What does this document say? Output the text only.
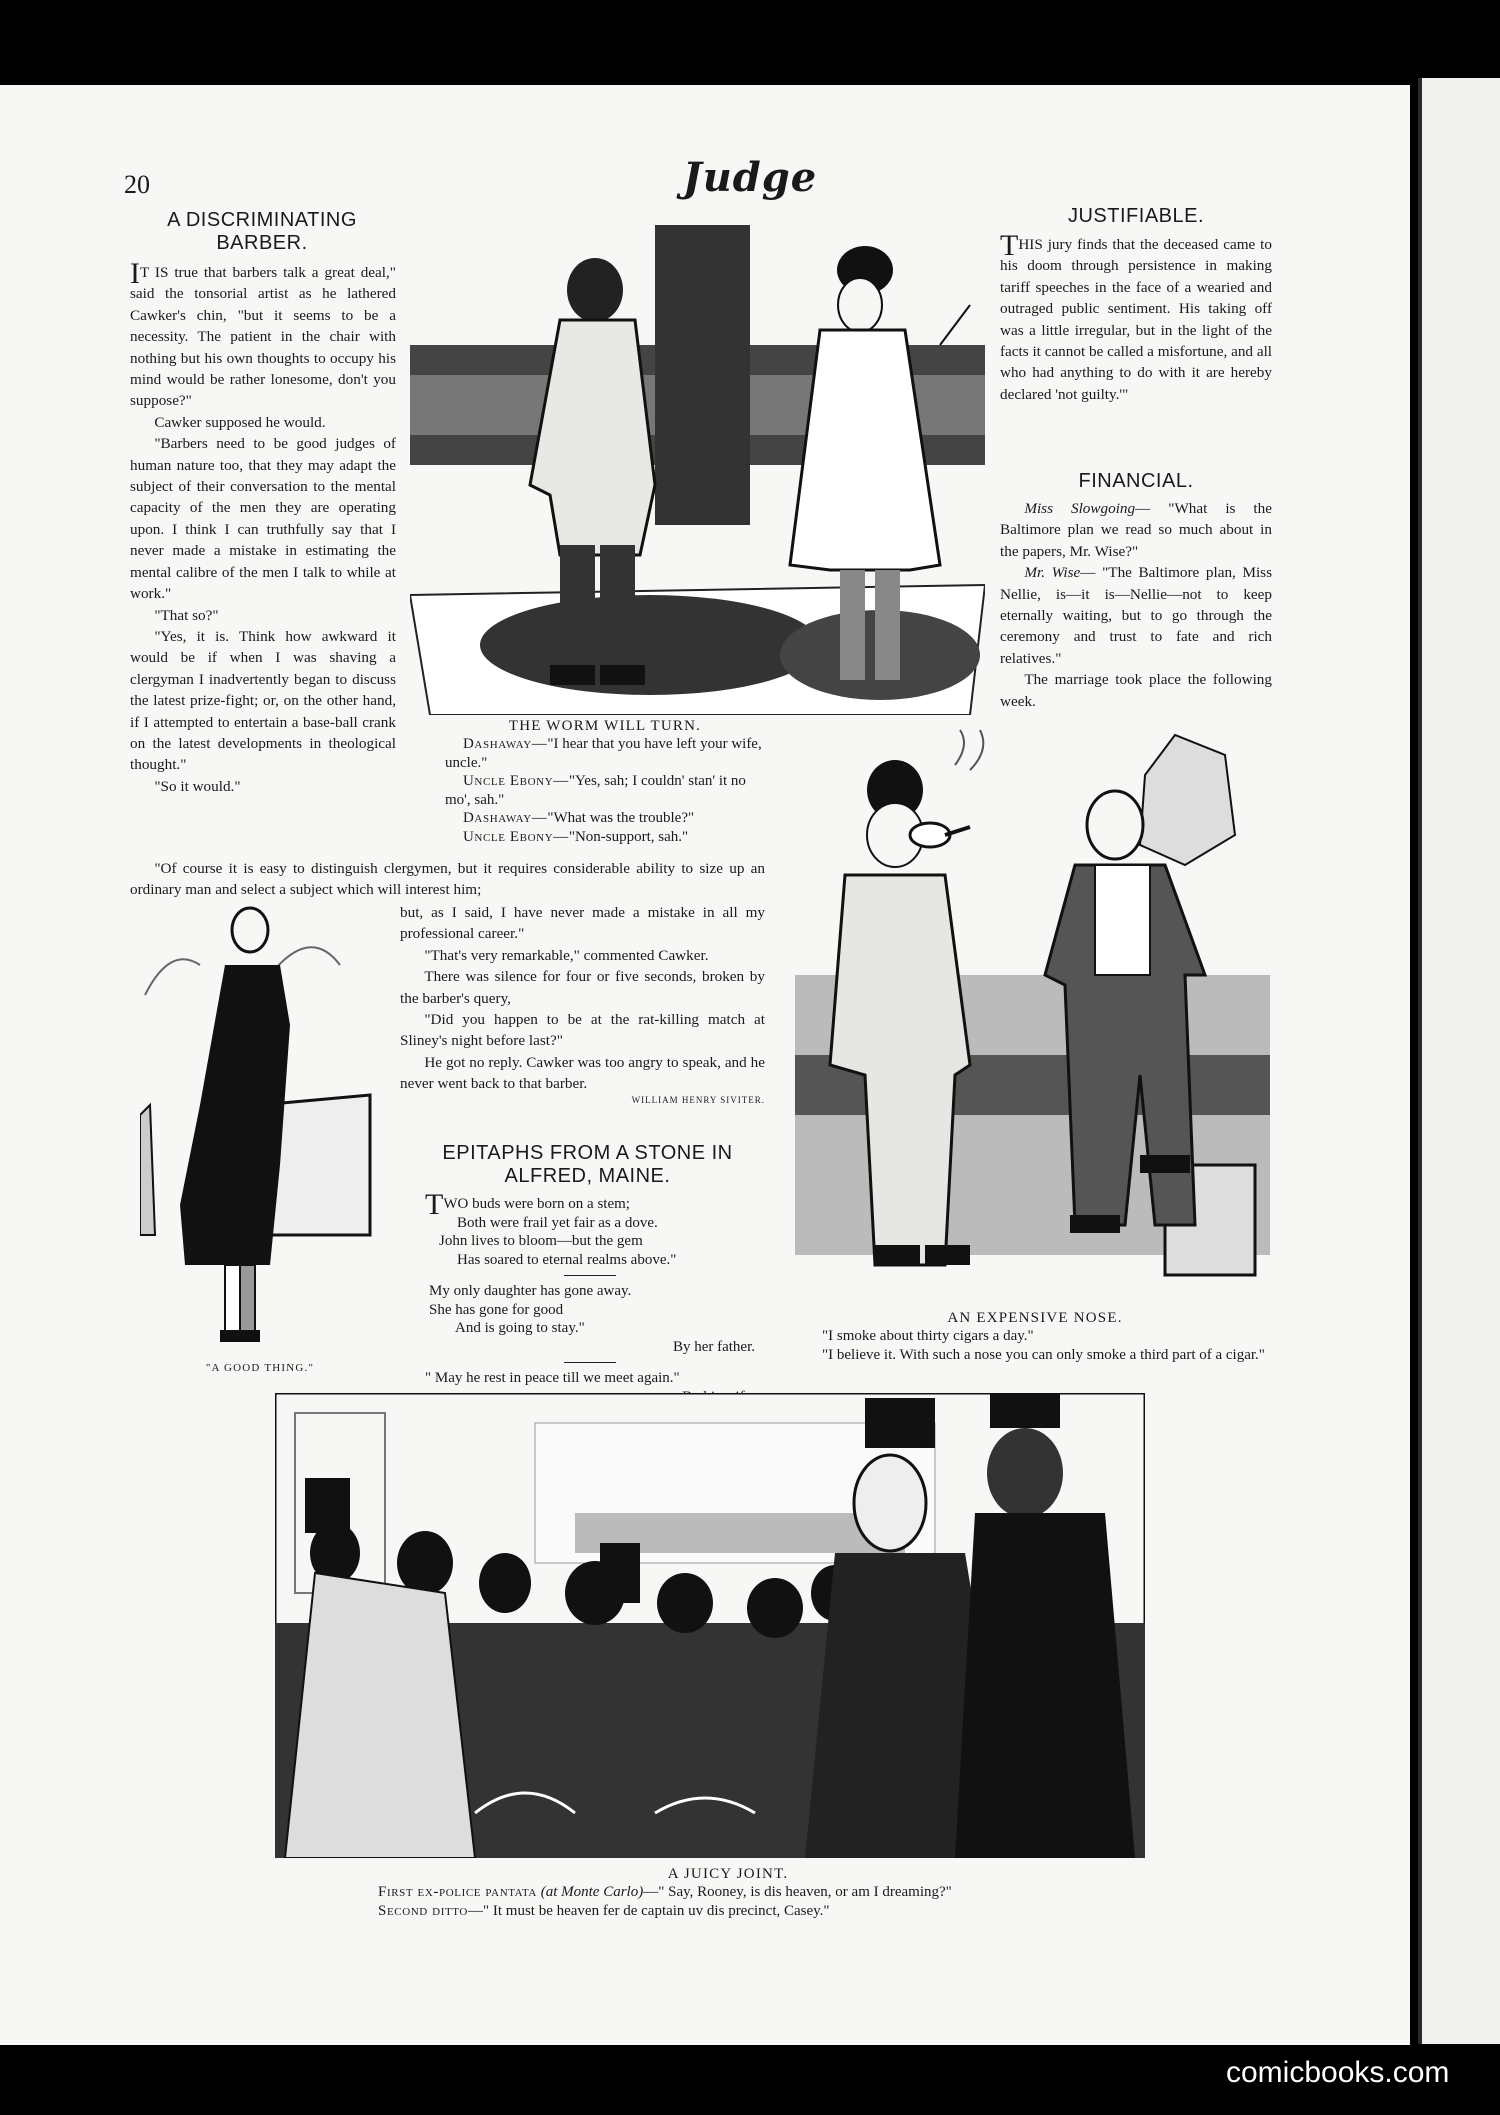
20	Judge
A DISCRIMINATING BARBER.

IT IS true that barbers talk a great deal," said the tonsorial artist as he lathered Cawker's chin, "but it seems to be a necessity. The patient in the chair with nothing but his own thoughts to occupy his mind would be rather lonesome, don't you suppose?"

Cawker supposed he would.

"Barbers need to be good judges of human nature too, that they may adapt the subject of their conversation to the mental capacity of the men they are operating upon. I think I can truthfully say that I never made a mistake in estimating the mental calibre of the men I talk to while at work."

"That so?"

"Yes, it is. Think how awkward it would be if when I was shaving a clergyman I inadvertently began to discuss the latest prize-fight; or, on the other hand, if I attempted to entertain a base-ball crank on the latest developments in theological thought."

"So it would."

"Of course it is easy to distinguish clergymen, but it requires considerable ability to size up an ordinary man and select a subject which will interest him;

but, as I said, I have never made a mistake in all my professional career."

"That's very remarkable," commented Cawker.

There was silence for four or five seconds, broken by the barber's query,

"Did you happen to be at the rat-killing match at Sliney's night before last?"

He got no reply. Cawker was too angry to speak, and he never went back to that barber.

WILLIAM HENRY SIVITER.
THE WORM WILL TURN.

Dashaway—"I hear that you have left your wife, uncle."

Uncle Ebony—"Yes, sah; I couldn' stan' it no mo', sah."

Dashaway—"What was the trouble?"

Uncle Ebony—"Non-support, sah."

JUSTIFIABLE.

THIS jury finds that the deceased came to his doom through persistence in making tariff speeches in the face of a wearied and outraged public sentiment. His taking off was a little irregular, but in the light of the facts it cannot be called a misfortune, and all who had anything to do with it are hereby declared 'not guilty.'"

FINANCIAL.

Miss Slowgoing— "What is the Baltimore plan we read so much about in the papers, Mr. Wise?"

Mr. Wise— "The Baltimore plan, Miss Nellie, is—it is—Nellie—not to keep eternally waiting, but to go through the ceremony and trust to fate and rich relatives."

The marriage took place the following week.

AN EXPENSIVE NOSE.

"I smoke about thirty cigars a day."

"I believe it. With such a nose you can only smoke a third part of a cigar."

"A GOOD THING."
EPITAPHS FROM A STONE IN ALFRED, MAINE.

TWO buds were born on a stem;

Both were frail yet fair as a dove.

John lives to bloom—but the gem

Has soared to eternal realms above."

My only daughter has gone away.

She has gone for good

And is going to stay."

By her father.

" May he rest in peace till we meet again."

A JUICY JOINT.

First ex-police pantata (at Monte Carlo)—" Say, Rooney, is dis heaven, or am I dreaming?"

Second ditto—" It must be heaven fer de captain uv dis precinct, Casey."

comicbooks.com
